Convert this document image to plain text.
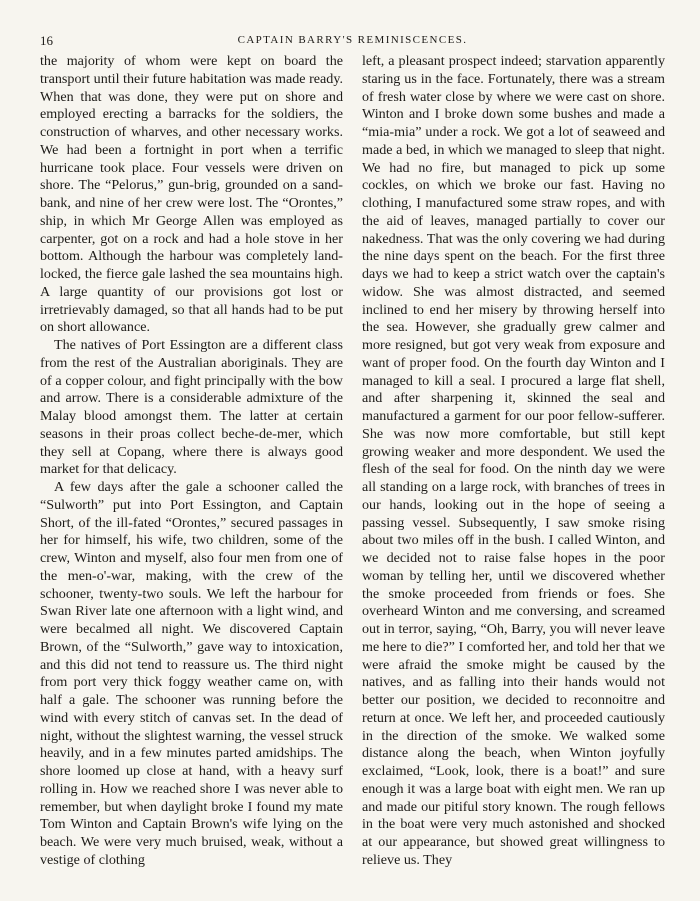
16	CAPTAIN BARRY'S REMINISCENCES.

the majority of whom were kept on board the transport until their future habitation was made ready. When that was done, they were put on shore and employed erecting a barracks for the soldiers, the construction of wharves, and other necessary works. We had been a fortnight in port when a terrific hurricane took place. Four vessels were driven on shore. The “Pelorus,” gun-brig, grounded on a sand-bank, and nine of her crew were lost. The “Orontes,” ship, in which Mr George Allen was employed as carpenter, got on a rock and had a hole stove in her bottom. Although the harbour was completely land-locked, the fierce gale lashed the sea mountains high. A large quantity of our provisions got lost or irretrievably damaged, so that all hands had to be put on short allowance.

The natives of Port Essington are a different class from the rest of the Australian aboriginals. They are of a copper colour, and fight principally with the bow and arrow. There is a considerable admixture of the Malay blood amongst them. The latter at certain seasons in their proas collect beche-de-mer, which they sell at Copang, where there is always good market for that delicacy.

A few days after the gale a schooner called the “Sulworth” put into Port Essington, and Captain Short, of the ill-fated “Orontes,” secured passages in her for himself, his wife, two children, some of the crew, Winton and myself, also four men from one of the men-o'-war, making, with the crew of the schooner, twenty-two souls. We left the harbour for Swan River late one afternoon with a light wind, and were becalmed all night. We discovered Captain Brown, of the “Sulworth,” gave way to intoxication, and this did not tend to reassure us. The third night from port very thick foggy weather came on, with half a gale. The schooner was running before the wind with every stitch of canvas set. In the dead of night, without the slightest warning, the vessel struck heavily, and in a few minutes parted amidships. The shore loomed up close at hand, with a heavy surf rolling in. How we reached shore I was never able to remember, but when daylight broke I found my mate Tom Winton and Captain Brown's wife lying on the beach. We were very much bruised, weak, without a vestige of clothing

left, a pleasant prospect indeed; starvation apparently staring us in the face. Fortunately, there was a stream of fresh water close by where we were cast on shore. Winton and I broke down some bushes and made a “mia-mia” under a rock. We got a lot of seaweed and made a bed, in which we managed to sleep that night. We had no fire, but managed to pick up some cockles, on which we broke our fast. Having no clothing, I manufactured some straw ropes, and with the aid of leaves, managed partially to cover our nakedness. That was the only covering we had during the nine days spent on the beach. For the first three days we had to keep a strict watch over the captain's widow. She was almost distracted, and seemed inclined to end her misery by throwing herself into the sea. However, she gradually grew calmer and more resigned, but got very weak from exposure and want of proper food. On the fourth day Winton and I managed to kill a seal. I procured a large flat shell, and after sharpening it, skinned the seal and manufactured a garment for our poor fellow-sufferer. She was now more comfortable, but still kept growing weaker and more despondent. We used the flesh of the seal for food. On the ninth day we were all standing on a large rock, with branches of trees in our hands, looking out in the hope of seeing a passing vessel. Subsequently, I saw smoke rising about two miles off in the bush. I called Winton, and we decided not to raise false hopes in the poor woman by telling her, until we discovered whether the smoke proceeded from friends or foes. She overheard Winton and me conversing, and screamed out in terror, saying, “Oh, Barry, you will never leave me here to die?” I comforted her, and told her that we were afraid the smoke might be caused by the natives, and as falling into their hands would not better our position, we decided to reconnoitre and return at once. We left her, and proceeded cautiously in the direction of the smoke. We walked some distance along the beach, when Winton joyfully exclaimed, “Look, look, there is a boat!” and sure enough it was a large boat with eight men. We ran up and made our pitiful story known. The rough fellows in the boat were very much astonished and shocked at our appearance, but showed great willingness to relieve us. They
